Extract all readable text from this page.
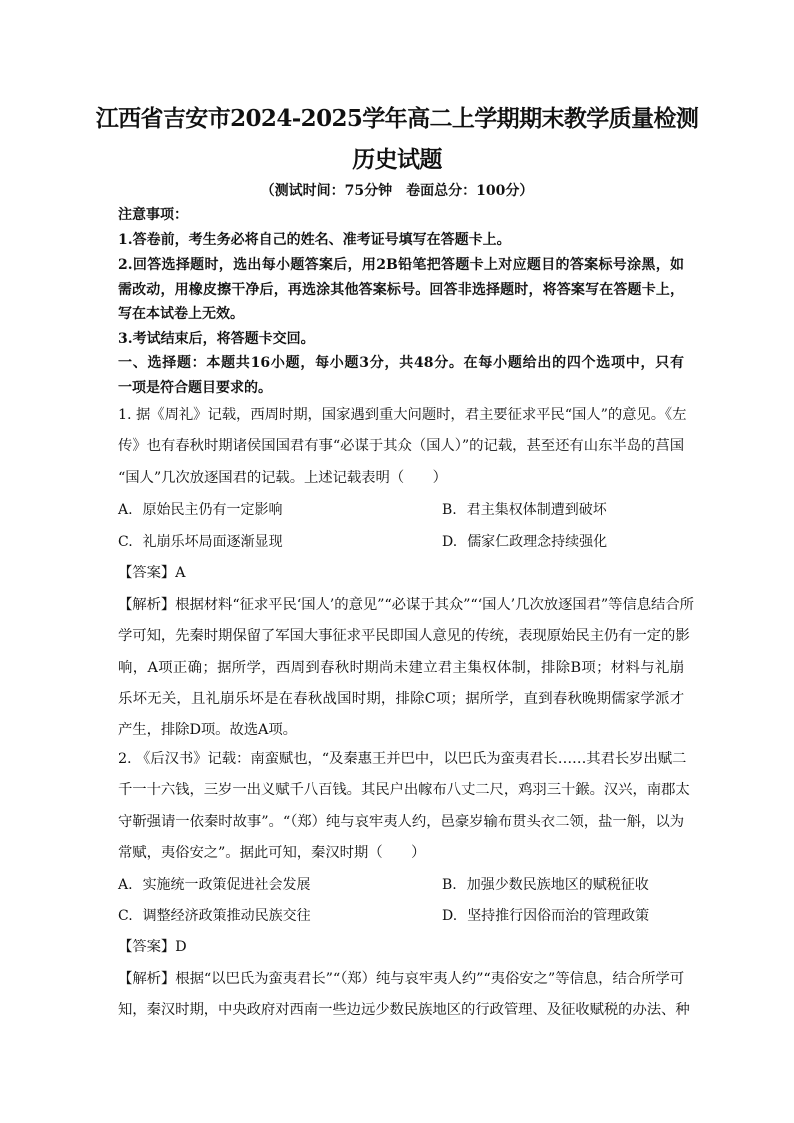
江西省吉安市2024-2025学年高二上学期期末教学质量检测
历史试题
（测试时间：75分钟　卷面总分：100分）
注意事项：
1.答卷前，考生务必将自己的姓名、准考证号填写在答题卡上。
2.回答选择题时，选出每小题答案后，用2B铅笔把答题卡上对应题目的答案标号涂黑，如
需改动，用橡皮擦干净后，再选涂其他答案标号。回答非选择题时，将答案写在答题卡上，
写在本试卷上无效。
3.考试结束后，将答题卡交回。
一、选择题：本题共16小题，每小题3分，共48分。在每小题给出的四个选项中，只有
一项是符合题目要求的。
1. 据《周礼》记载，西周时期，国家遇到重大问题时，君主要征求平民“国人”的意见。《左
传》也有春秋时期诸侯国国君有事“必谋于其众（国人）”的记载，甚至还有山东半岛的莒国
“国人”几次放逐国君的记载。上述记载表明（　　）
A. 原始民主仍有一定影响	B. 君主集权体制遭到破坏
C. 礼崩乐坏局面逐渐显现	D. 儒家仁政理念持续强化
【答案】A
【解析】根据材料“征求平民‘国人’的意见”“必谋于其众”“‘国人’几次放逐国君”等信息结合所
学可知，先秦时期保留了军国大事征求平民即国人意见的传统，表现原始民主仍有一定的影
响，A项正确；据所学，西周到春秋时期尚未建立君主集权体制，排除B项；材料与礼崩
乐坏无关，且礼崩乐坏是在春秋战国时期，排除C项；据所学，直到春秋晚期儒家学派才
产生，排除D项。故选A项。
2. 《后汉书》记载：南蛮赋也，“及秦惠王并巴中，以巴氏为蛮夷君长……其君长岁出赋二
千一十六钱，三岁一出义赋千八百钱。其民户出幏布八丈二尺，鸡羽三十鍭。汉兴，南郡太
守靳强请一依秦时故事”。“（郑）纯与哀牢夷人约，邑豪岁输布贯头衣二领，盐一斛，以为
常赋，夷俗安之”。据此可知，秦汉时期（　　）
A. 实施统一政策促进社会发展	B. 加强少数民族地区的赋税征收
C. 调整经济政策推动民族交往	D. 坚持推行因俗而治的管理政策
【答案】D
【解析】根据“以巴氏为蛮夷君长”“（郑）纯与哀牢夷人约”“夷俗安之”等信息，结合所学可
知，秦汉时期，中央政府对西南一些边远少数民族地区的行政管理、及征收赋税的办法、种
